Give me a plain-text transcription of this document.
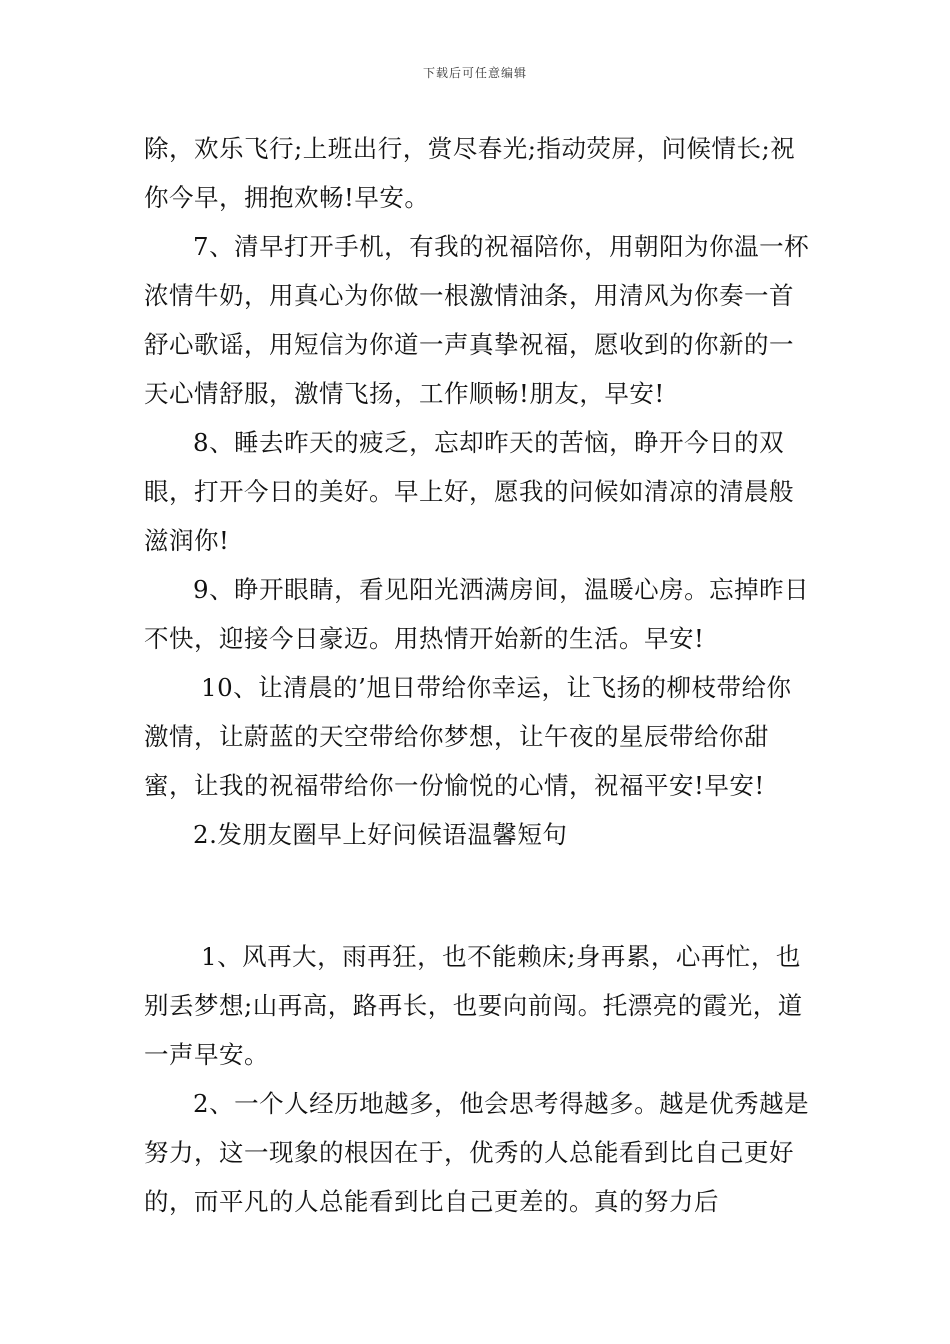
下载后可任意编辑

除，欢乐飞行;上班出行，赏尽春光;指动荧屏，问候情长;祝你今早，拥抱欢畅!早安。

7、清早打开手机，有我的祝福陪你，用朝阳为你温一杯浓情牛奶，用真心为你做一根激情油条，用清风为你奏一首舒心歌谣，用短信为你道一声真挚祝福，愿收到的你新的一天心情舒服，激情飞扬，工作顺畅!朋友，早安!

8、睡去昨天的疲乏，忘却昨天的苦恼，睁开今日的双眼，打开今日的美好。早上好，愿我的问候如清凉的清晨般滋润你!

9、睁开眼睛，看见阳光洒满房间，温暖心房。忘掉昨日不快，迎接今日豪迈。用热情开始新的生活。早安!

10、让清晨的’旭日带给你幸运，让飞扬的柳枝带给你激情，让蔚蓝的天空带给你梦想，让午夜的星辰带给你甜蜜，让我的祝福带给你一份愉悦的心情，祝福平安!早安!

2.发朋友圈早上好问候语温馨短句

1、风再大，雨再狂，也不能赖床;身再累，心再忙，也别丢梦想;山再高，路再长，也要向前闯。托漂亮的霞光，道一声早安。

2、一个人经历地越多，他会思考得越多。越是优秀越是努力，这一现象的根因在于，优秀的人总能看到比自己更好的，而平凡的人总能看到比自己更差的。真的努力后
